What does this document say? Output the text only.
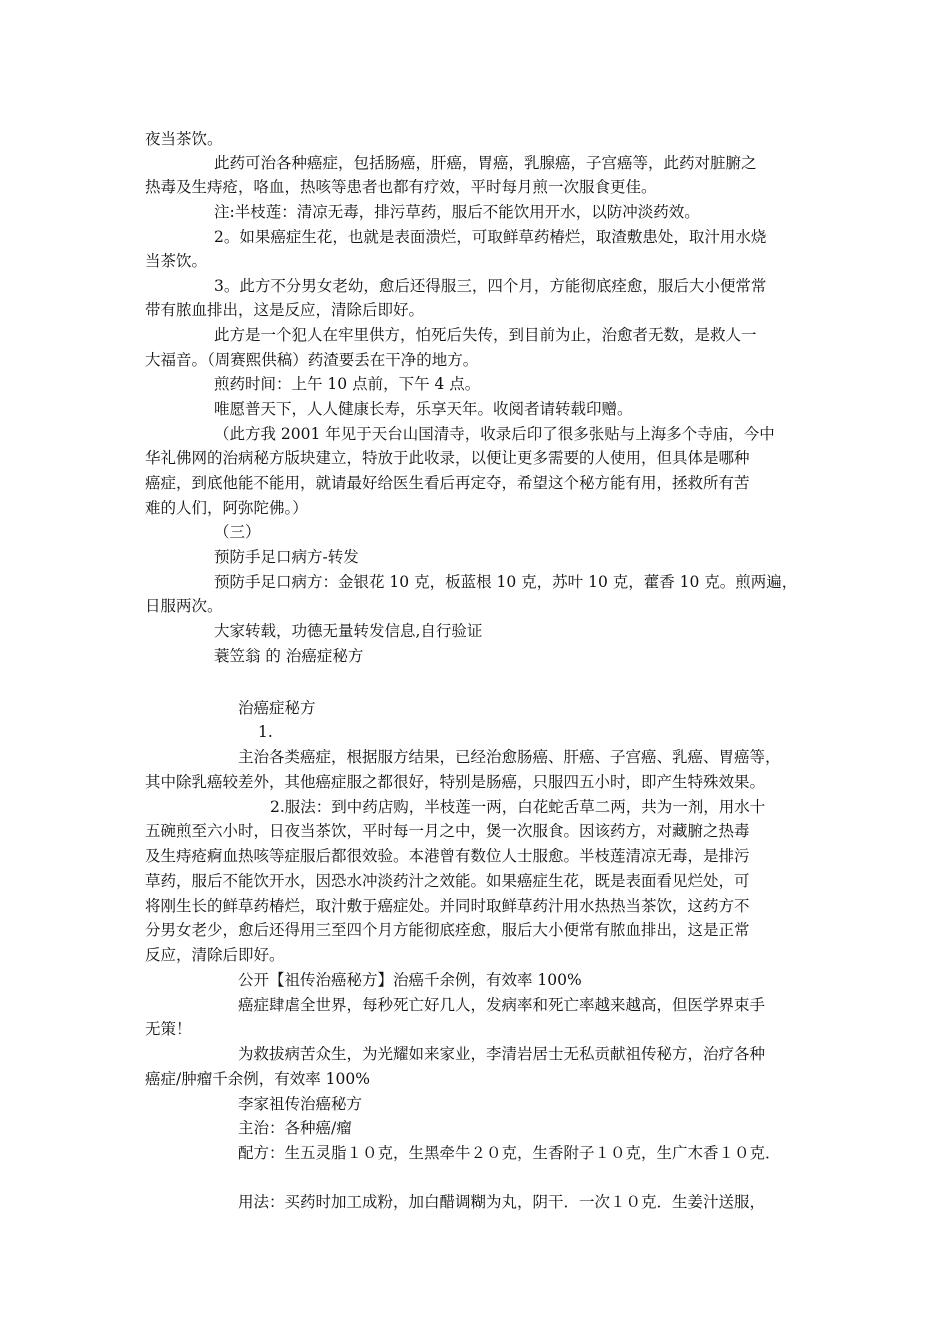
夜当茶饮。
此药可治各种癌症，包括肠癌，肝癌，胃癌，乳腺癌，子宫癌等，此药对脏腑之
热毒及生痔疮，咯血，热咳等患者也都有疗效，平时每月煎一次服食更佳。
注:半枝莲：清凉无毒，排污草药，服后不能饮用开水，以防冲淡药效。
2。如果癌症生花，也就是表面溃烂，可取鲜草药椿烂，取渣敷患处，取汁用水烧
当茶饮。
3。此方不分男女老幼，愈后还得服三，四个月，方能彻底痊愈，服后大小便常常
带有脓血排出，这是反应，清除后即好。
此方是一个犯人在牢里供方，怕死后失传，到目前为止，治愈者无数，是救人一
大福音。（周赛熙供稿）药渣要丢在干净的地方。
煎药时间：上午 10 点前，下午 4 点。
唯愿普天下，人人健康长寿，乐享天年。收阅者请转载印赠。
（此方我 2001 年见于天台山国清寺，收录后印了很多张贴与上海多个寺庙，今中
华礼佛网的治病秘方版块建立，特放于此收录，以便让更多需要的人使用，但具体是哪种
癌症，到底他能不能用，就请最好给医生看后再定夺，希望这个秘方能有用，拯救所有苦
难的人们，阿弥陀佛。）
（三）
预防手足口病方-转发
预防手足口病方：金银花 10 克，板蓝根 10 克，苏叶 10 克，藿香 10 克。煎两遍，
日服两次。
大家转载，功德无量转发信息,自行验证
蓑笠翁 的 治癌症秘方
治癌症秘方
1.
主治各类癌症，根据服方结果，已经治愈肠癌、肝癌、子宫癌、乳癌、胃癌等，
其中除乳癌较差外，其他癌症服之都很好，特别是肠癌，只服四五小时，即产生特殊效果。
2.服法：到中药店购，半枝莲一两，白花蛇舌草二两，共为一剂，用水十
五碗煎至六小时，日夜当茶饮，平时每一月之中，煲一次服食。因该药方，对藏腑之热毒
及生痔疮痾血热咳等症服后都很效验。本港曾有数位人士服愈。半枝莲清凉无毒，是排污
草药，服后不能饮开水，因恐水冲淡药汁之效能。如果癌症生花，既是表面看见烂处，可
将刚生长的鲜草药椿烂，取汁敷于癌症处。并同时取鲜草药汁用水热热当茶饮，这药方不
分男女老少，愈后还得用三至四个月方能彻底痊愈，服后大小便常有脓血排出，这是正常
反应，清除后即好。
公开【祖传治癌秘方】治癌千余例，有效率 100%
癌症肆虐全世界，每秒死亡好几人，发病率和死亡率越来越高，但医学界束手
无策！
为救拔病苦众生，为光耀如来家业，李清岩居士无私贡献祖传秘方，治疗各种
癌症/肿瘤千余例，有效率 100%
李家祖传治癌秘方
主治：各种癌/瘤
配方：生五灵脂１０克，生黑牵牛２０克，生香附子１０克，生广木香１０克．
用法：买药时加工成粉，加白醋调糊为丸，阴干．一次１０克．生姜汁送服，
